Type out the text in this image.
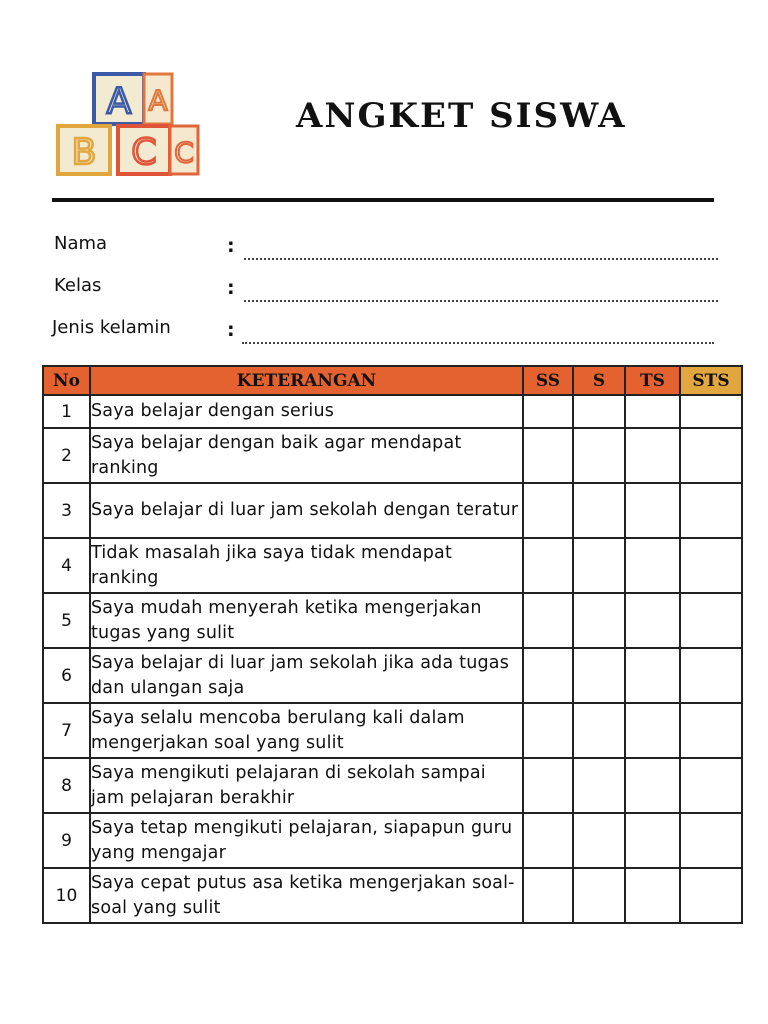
A A
B C C
ANGKET SISWA
Nama	:
Kelas	:
Jenis kelamin	:
No	KETERANGAN	SS	S	TS	STS
1	Saya belajar dengan serius				
2	Saya belajar dengan baik agar mendapat ranking				
3	Saya belajar di luar jam sekolah dengan teratur				
4	Tidak masalah jika saya tidak mendapat ranking				
5	Saya mudah menyerah ketika mengerjakan tugas yang sulit				
6	Saya belajar di luar jam sekolah jika ada tugas dan ulangan saja				
7	Saya selalu mencoba berulang kali dalam mengerjakan soal yang sulit				
8	Saya mengikuti pelajaran di sekolah sampai jam pelajaran berakhir				
9	Saya tetap mengikuti pelajaran, siapapun guru yang mengajar				
10	Saya cepat putus asa ketika mengerjakan soal-soal yang sulit				
